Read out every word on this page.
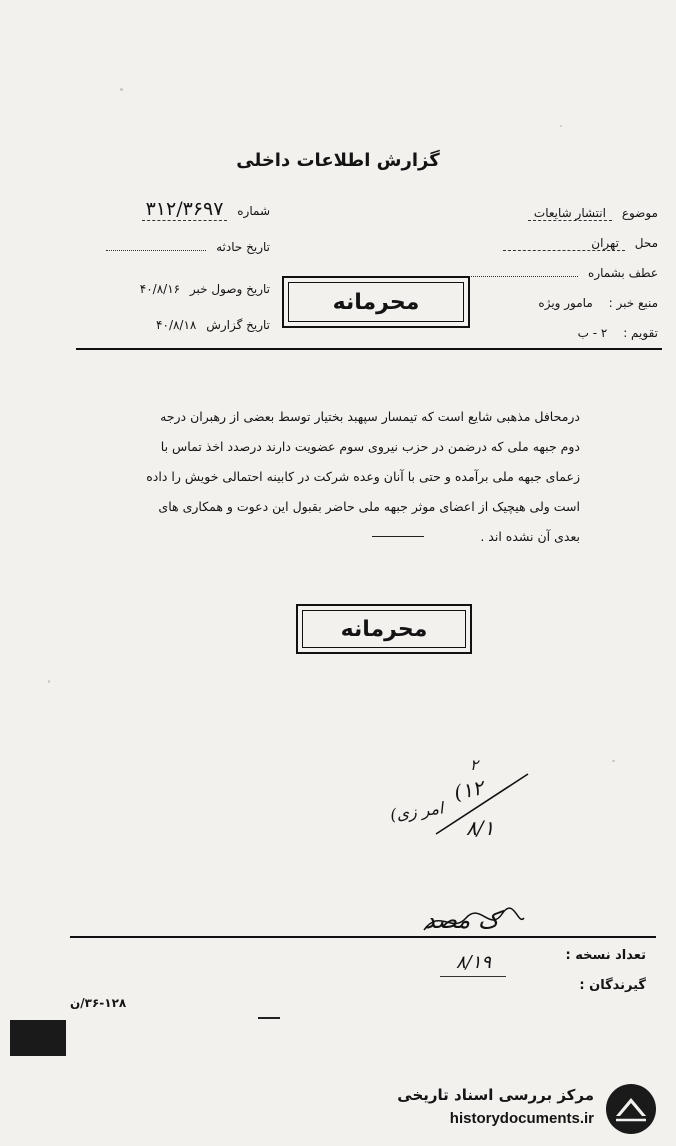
گزارش اطلاعات داخلی
موضوع انتشار شایعات
محل تهران
عطف بشماره
منبع خبر : مامور ویژه
تقویم : ۲ - ب
شماره ۳۱۲/۳۶۹۷
تاریخ حادثه
تاریخ وصول خبر ۴۰/۸/۱۶
تاریخ گزارش ۴۰/۸/۱۸
محرمانه

درمحافل مذهبی شایع است که تیمسار سپهبد بختیار توسط بعضی از رهبران درجه

دوم جبهه ملی که درضمن در حزب نیروی سوم عضویت دارند درصدد اخذ تماس با

زعمای جبهه ملی برآمده و حتی با آنان وعده شرکت در کابینه احتمالی خویش را داده

است ولی هیچیک از اعضای موثر جبهه ملی حاضر بقبول این دعوت و همکاری های

بعدی آن نشده اند .

محرمانه
۲
(۱۲
۸/۱
(امر زی
ک مصد
۸/۱۹	تعداد نسخه :
گیرندگان :
۳۶-۱۲۸/ن
مرکز بررسی اسناد تاریخی
historydocuments.ir
